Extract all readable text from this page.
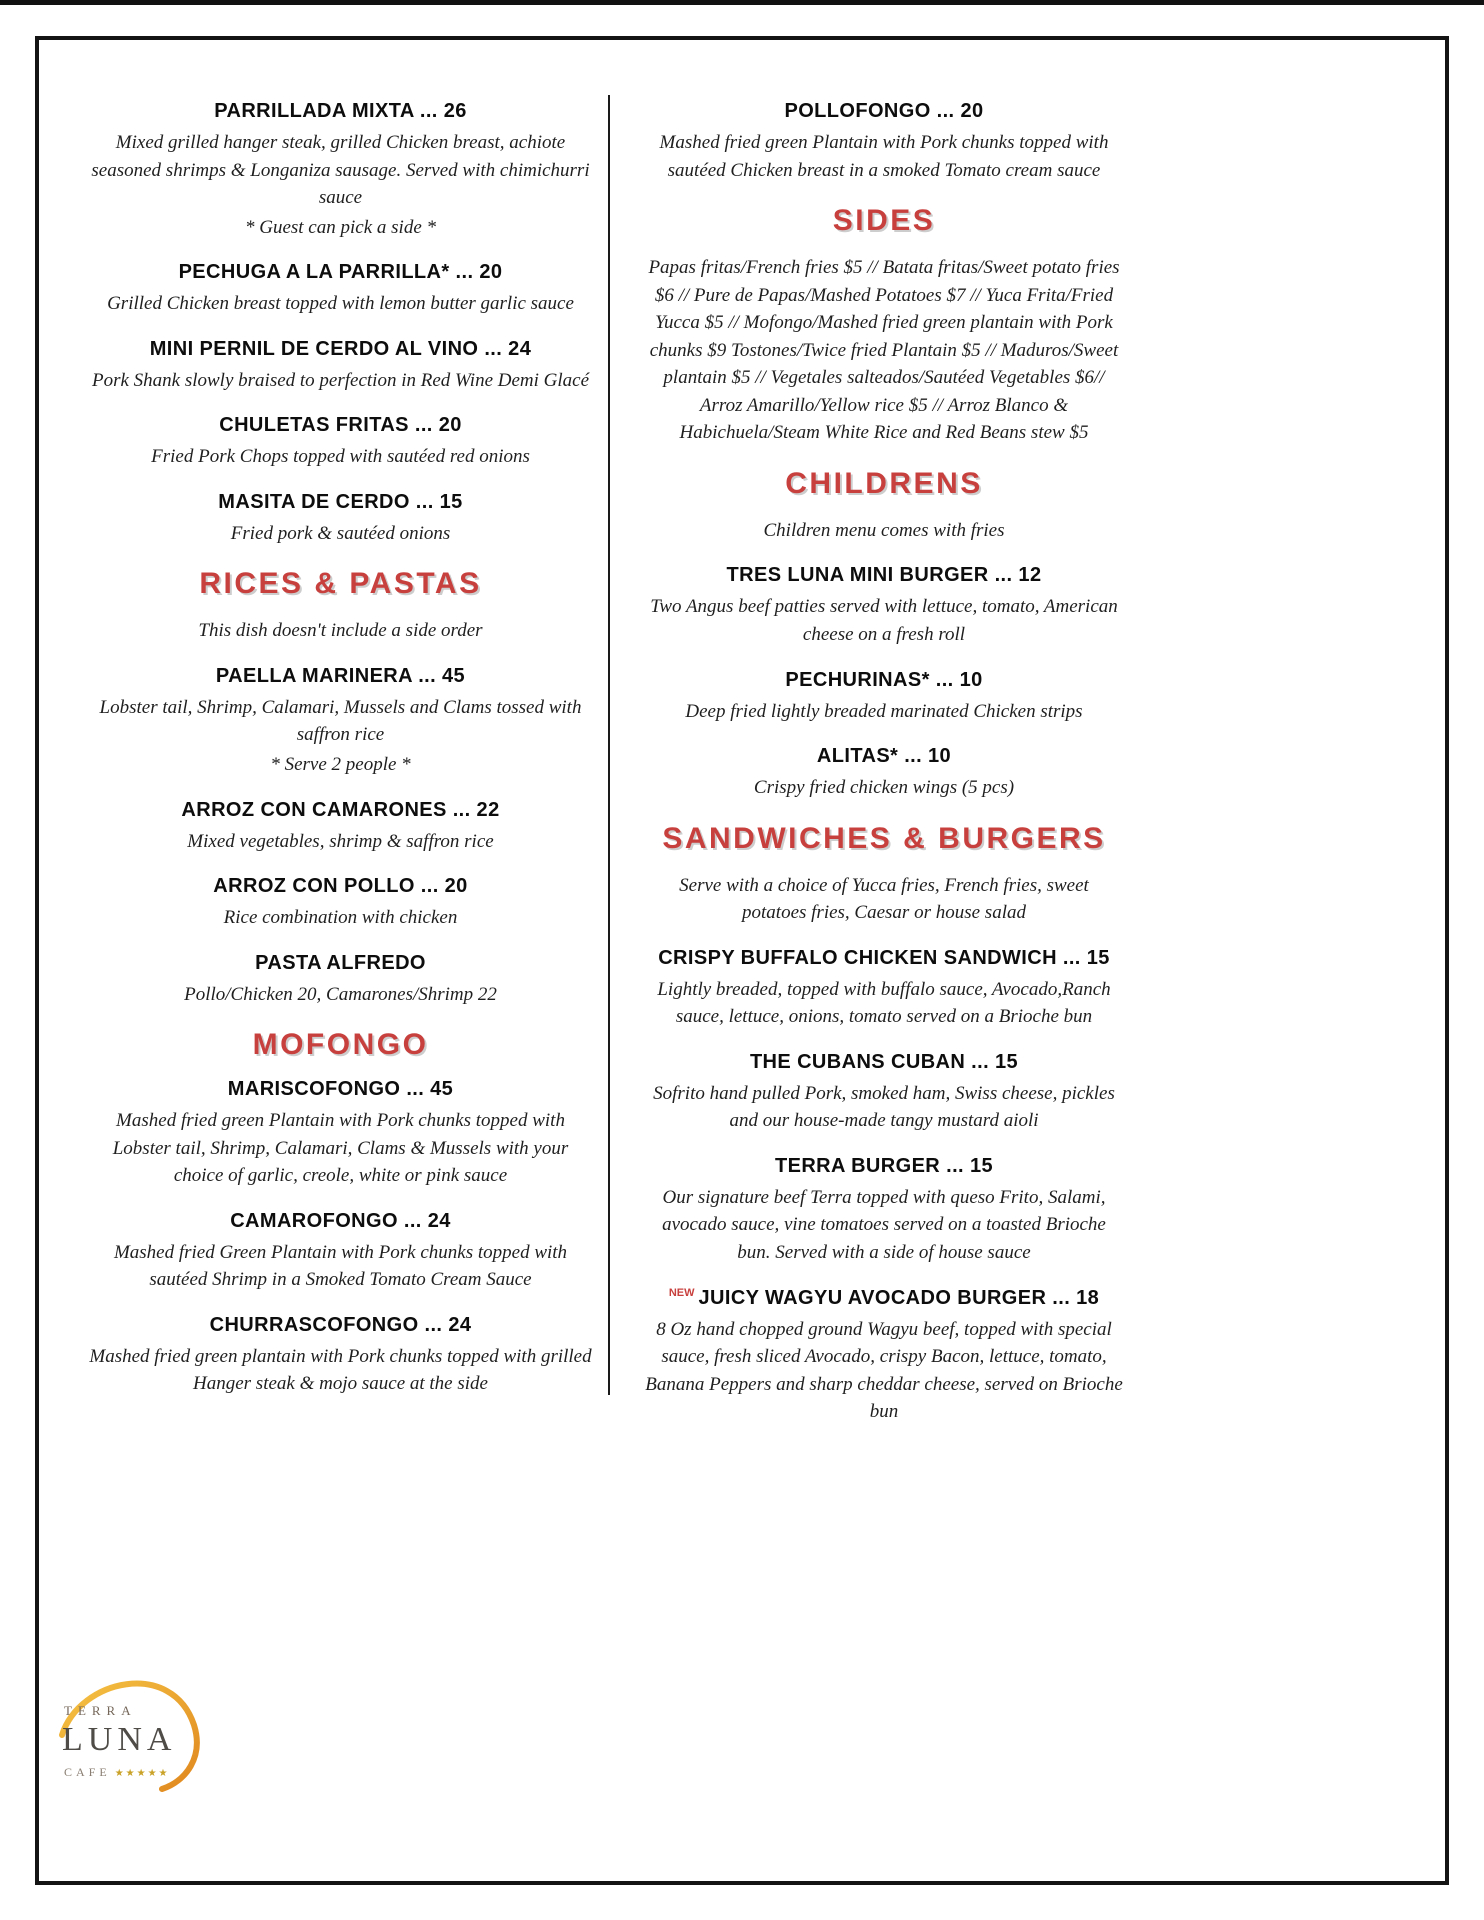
PARRILLADA MIXTA ... 26

Mixed grilled hanger steak, grilled Chicken breast, achiote seasoned shrimps & Longaniza sausage. Served with chimichurri sauce

* Guest can pick a side *

PECHUGA A LA PARRILLA* ... 20

Grilled Chicken breast topped with lemon butter garlic sauce

MINI PERNIL DE CERDO AL VINO ... 24

Pork Shank slowly braised to perfection in Red Wine Demi Glacé

CHULETAS FRITAS ... 20

Fried Pork Chops topped with sautéed red onions

MASITA DE CERDO ... 15

Fried pork & sautéed onions

RICES & PASTAS

This dish doesn't include a side order

PAELLA MARINERA ... 45

Lobster tail, Shrimp, Calamari, Mussels and Clams tossed with saffron rice

* Serve 2 people *

ARROZ CON CAMARONES ... 22

Mixed vegetables, shrimp & saffron rice

ARROZ CON POLLO ... 20

Rice combination with chicken

PASTA ALFREDO

Pollo/Chicken 20, Camarones/Shrimp 22

MOFONGO
MARISCOFONGO ... 45

Mashed fried green Plantain with Pork chunks topped with Lobster tail, Shrimp, Calamari, Clams & Mussels with your choice of garlic, creole, white or pink sauce

CAMAROFONGO ... 24

Mashed fried Green Plantain with Pork chunks topped with sautéed Shrimp in a Smoked Tomato Cream Sauce

CHURRASCOFONGO ... 24

Mashed fried green plantain with Pork chunks topped with grilled Hanger steak & mojo sauce at the side

POLLOFONGO ... 20

Mashed fried green Plantain with Pork chunks topped with sautéed Chicken breast in a smoked Tomato cream sauce

SIDES

Papas fritas/French fries $5 // Batata fritas/Sweet potato fries $6 // Pure de Papas/Mashed Potatoes $7 // Yuca Frita/Fried Yucca $5 // Mofongo/Mashed fried green plantain with Pork chunks $9 Tostones/Twice fried Plantain $5 // Maduros/Sweet plantain $5 // Vegetales salteados/Sautéed Vegetables $6// Arroz Amarillo/Yellow rice $5 // Arroz Blanco & Habichuela/Steam White Rice and Red Beans stew $5

CHILDRENS

Children menu comes with fries

TRES LUNA MINI BURGER ... 12

Two Angus beef patties served with lettuce, tomato, American cheese on a fresh roll

PECHURINAS* ... 10

Deep fried lightly breaded marinated Chicken strips

ALITAS* ... 10

Crispy fried chicken wings (5 pcs)

SANDWICHES & BURGERS

Serve with a choice of Yucca fries, French fries, sweet potatoes fries, Caesar or house salad

CRISPY BUFFALO CHICKEN SANDWICH ... 15

Lightly breaded, topped with buffalo sauce, Avocado,Ranch sauce, lettuce, onions, tomato served on a Brioche bun

THE CUBANS CUBAN ... 15

Sofrito hand pulled Pork, smoked ham, Swiss cheese, pickles and our house-made tangy mustard aioli

TERRA BURGER ... 15

Our signature beef Terra topped with queso Frito, Salami, avocado sauce, vine tomatoes served on a toasted Brioche bun. Served with a side of house sauce

$^{NEW}$ JUICY WAGYU AVOCADO BURGER ... 18

8 Oz hand chopped ground Wagyu beef, topped with special sauce, fresh sliced Avocado, crispy Bacon, lettuce, tomato, Banana Peppers and sharp cheddar cheese, served on Brioche bun

TERRA
LUNA
CAFE ★★★★★
